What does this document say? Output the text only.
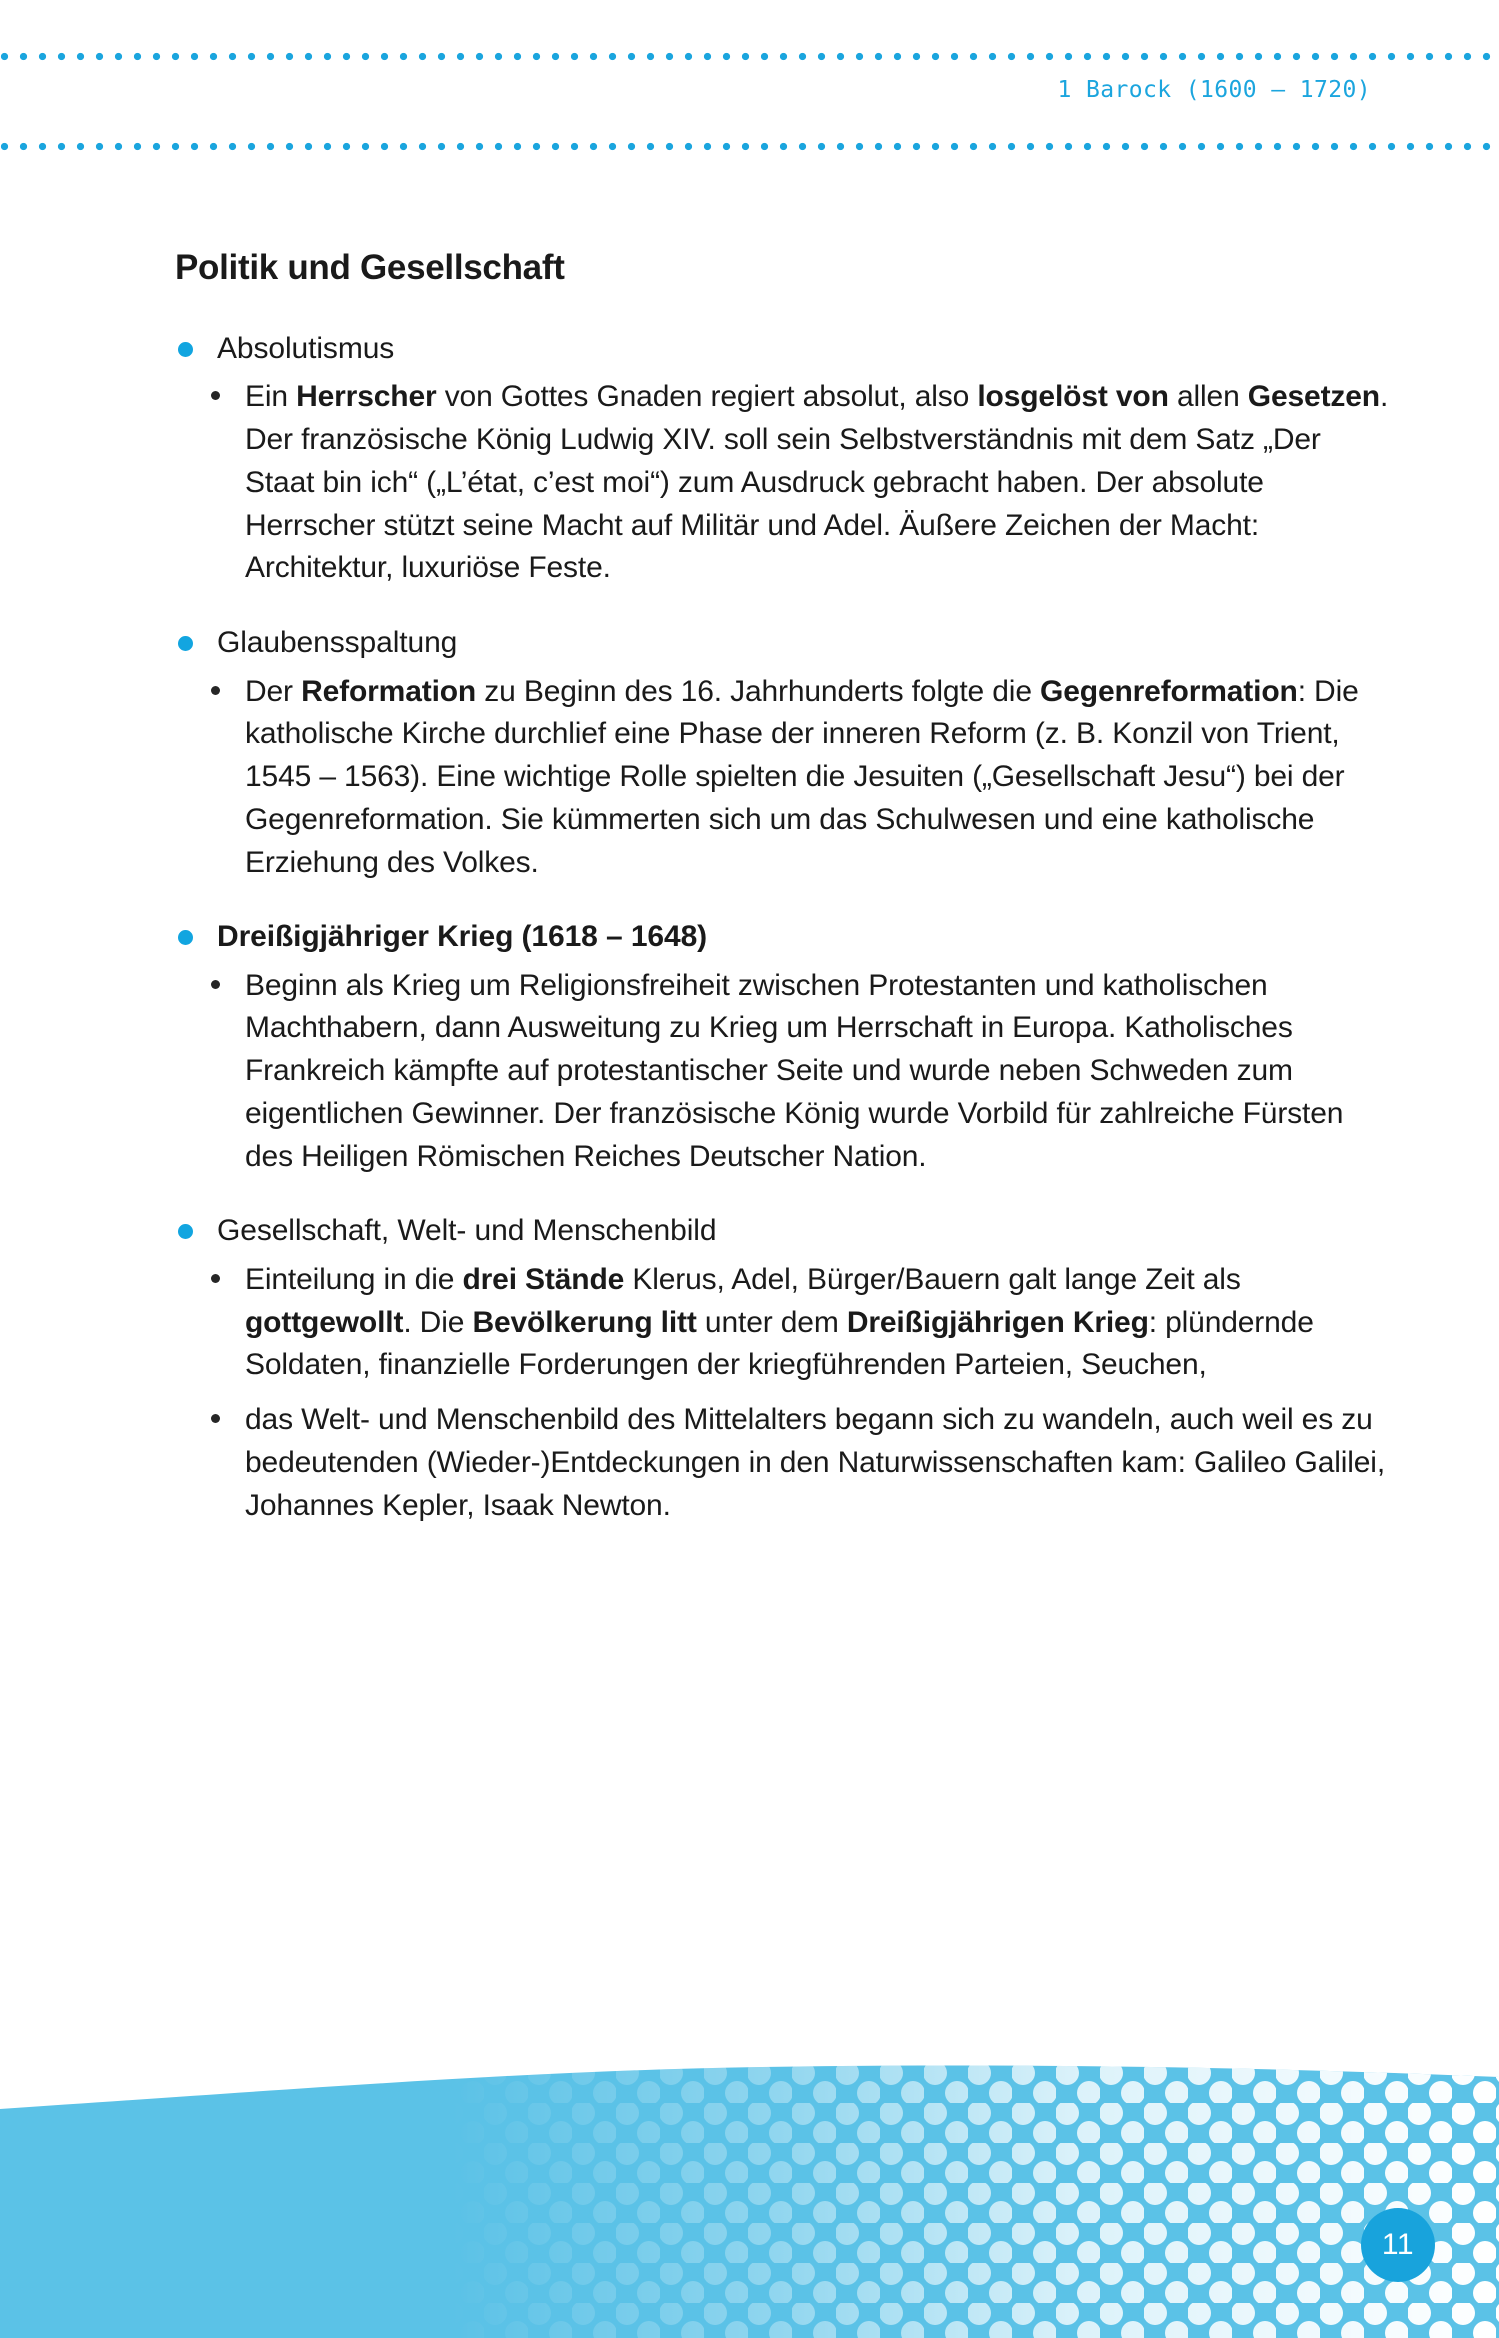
1 Barock (1600 – 1720)
Politik und Gesellschaft
Absolutismus
Ein Herrscher von Gottes Gnaden regiert absolut, also losgelöst von allen Gesetzen. Der französische König Ludwig XIV. soll sein Selbstverständnis mit dem Satz „Der Staat bin ich“ („L’état, c’est moi“) zum Ausdruck gebracht haben. Der absolute Herrscher stützt seine Macht auf Militär und Adel. Äußere Zeichen der Macht: Architektur, luxuriöse Feste.
Glaubensspaltung
Der Reformation zu Beginn des 16. Jahrhunderts folgte die Gegenreformation: Die katholische Kirche durchlief eine Phase der inneren Reform (z. B. Konzil von Trient, 1545 – 1563). Eine wichtige Rolle spielten die Jesuiten („Gesellschaft Jesu“) bei der Gegenreformation. Sie kümmerten sich um das Schulwesen und eine katholische Erziehung des Volkes.
Dreißigjähriger Krieg (1618 – 1648)
Beginn als Krieg um Religionsfreiheit zwischen Protestanten und katholischen Machthabern, dann Ausweitung zu Krieg um Herrschaft in Europa. Katholisches Frankreich kämpfte auf protestantischer Seite und wurde neben Schweden zum eigentlichen Gewinner. Der französische König wurde Vorbild für zahlreiche Fürsten des Heiligen Römischen Reiches Deutscher Nation.
Gesellschaft, Welt- und Menschenbild
Einteilung in die drei Stände Klerus, Adel, Bürger/Bauern galt lange Zeit als gottgewollt. Die Bevölkerung litt unter dem Dreißigjährigen Krieg: plündernde Soldaten, finanzielle Forderungen der kriegführenden Parteien, Seuchen,
das Welt- und Menschenbild des Mittelalters begann sich zu wandeln, auch weil es zu bedeutenden (Wieder-)Entdeckungen in den Naturwissenschaften kam: Galileo Galilei, Johannes Kepler, Isaak Newton.
11
